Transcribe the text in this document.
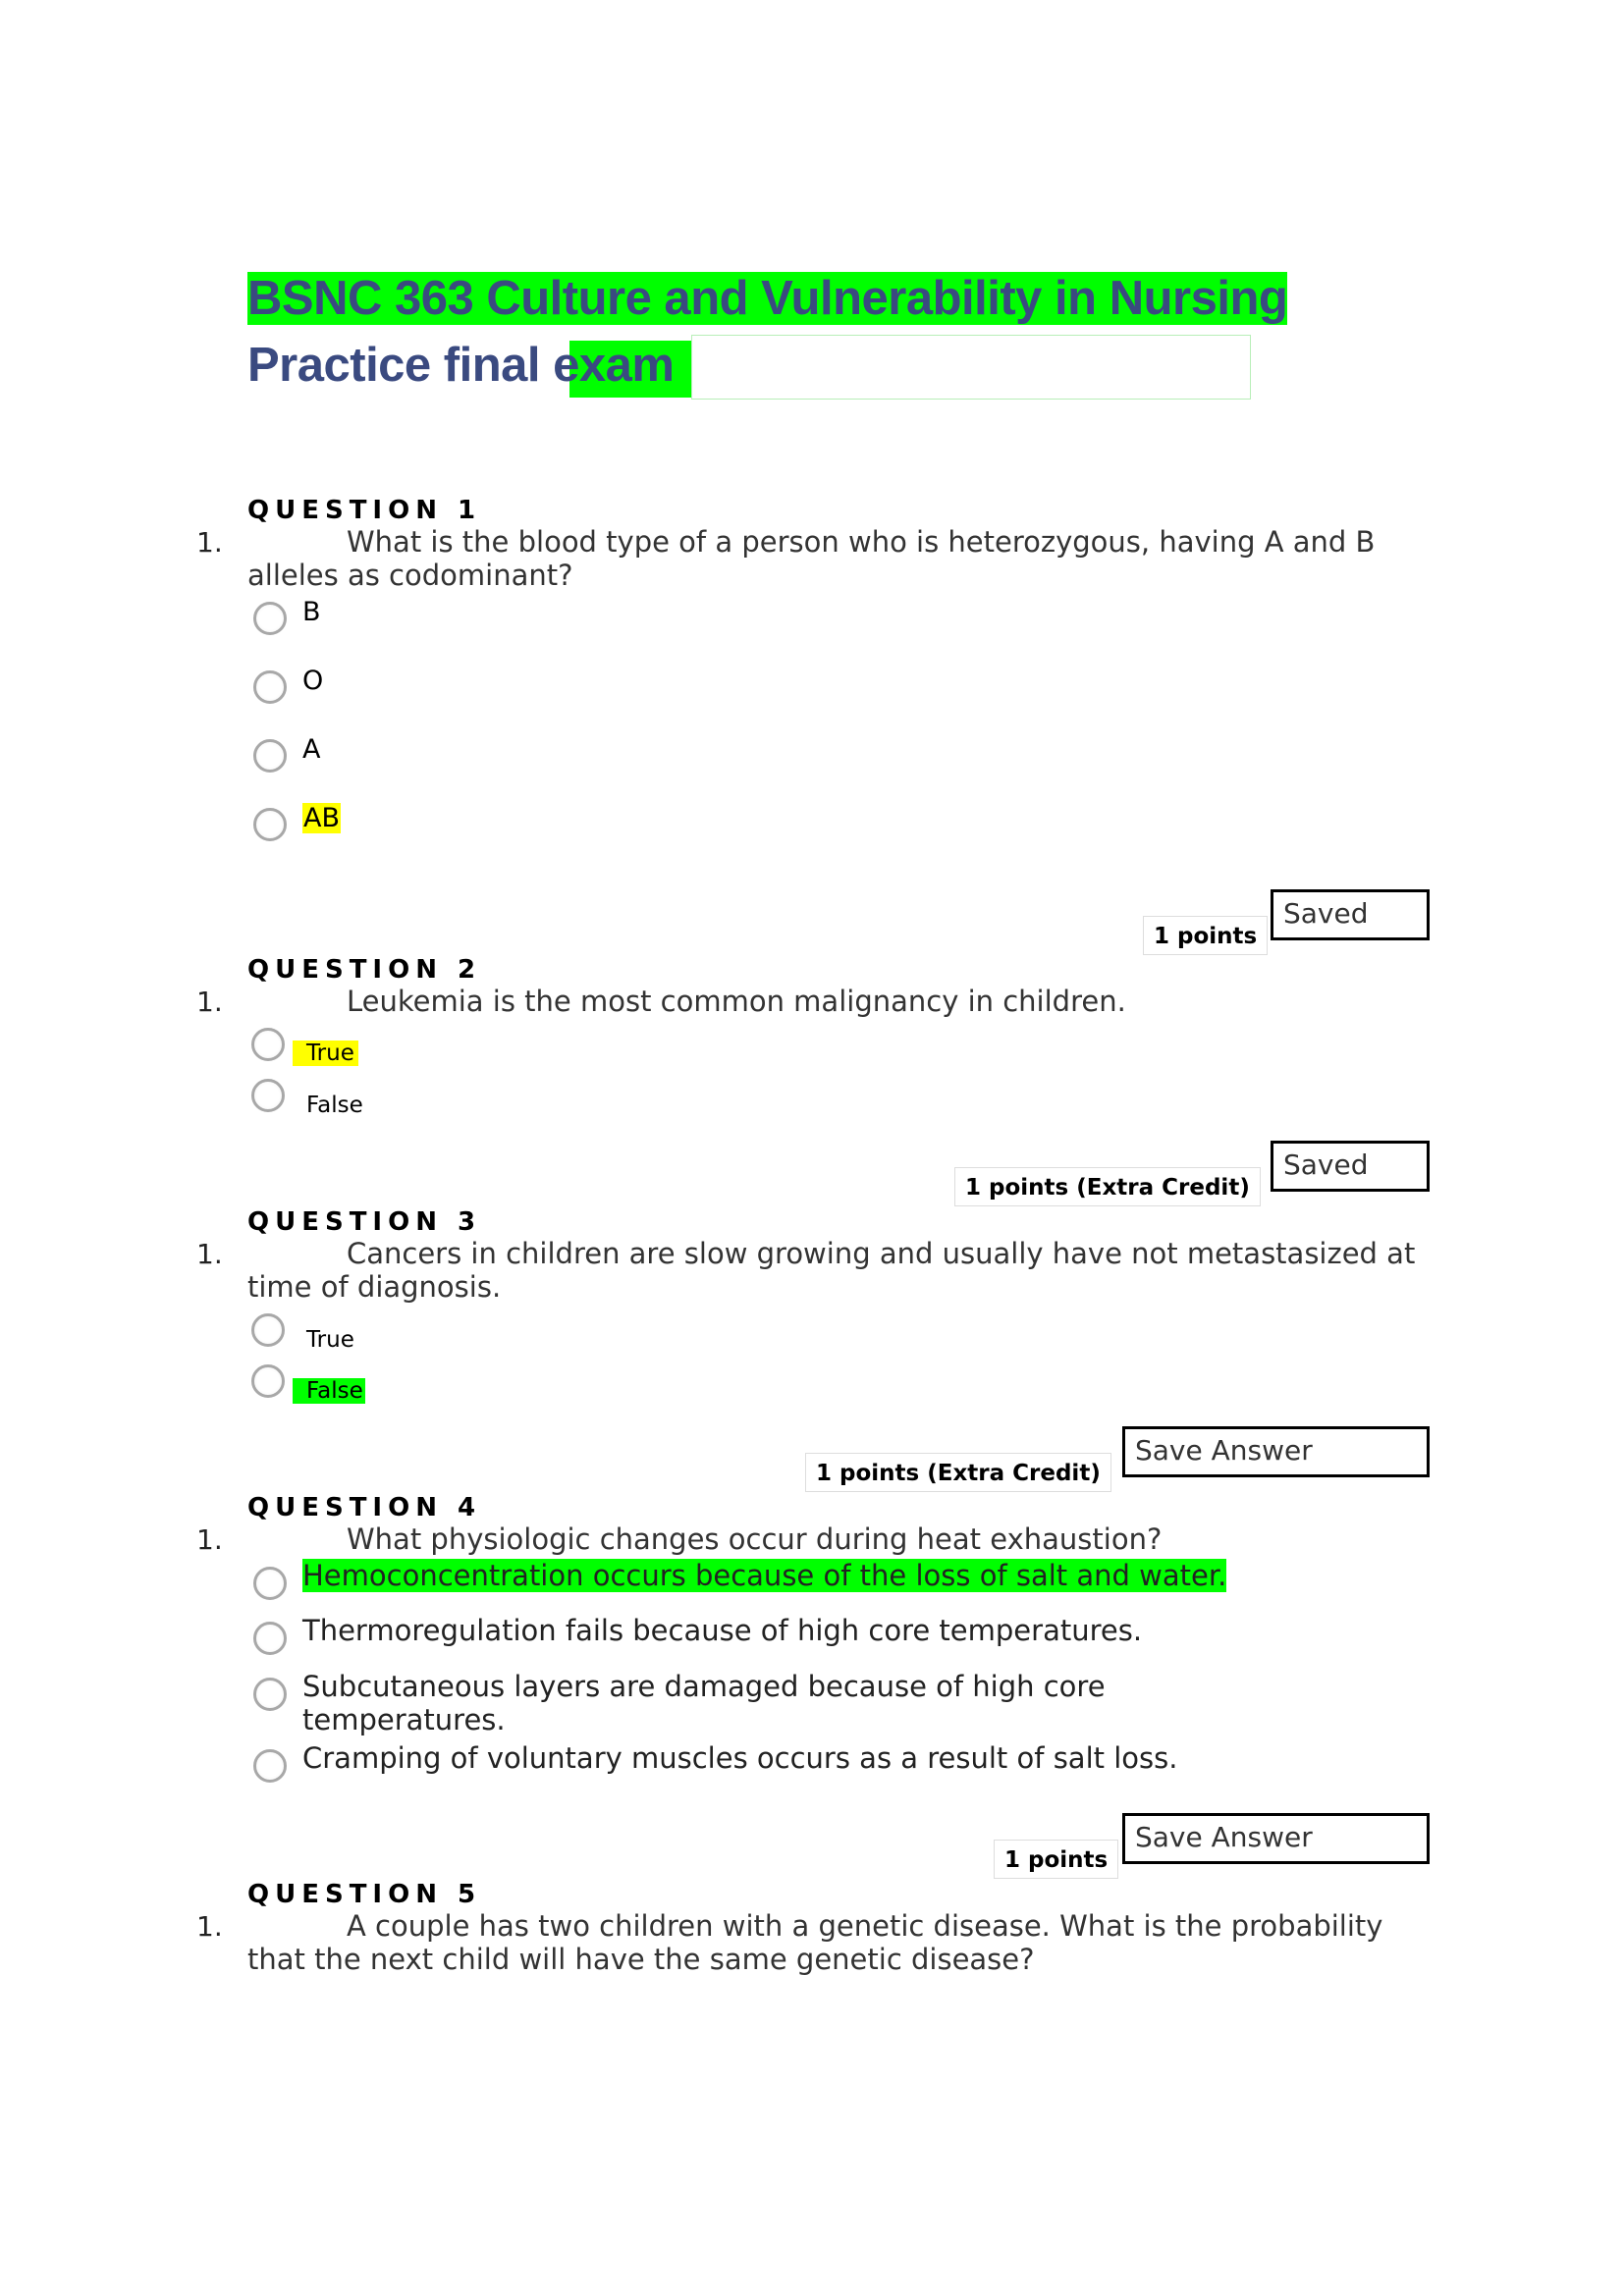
BSNC 363 Culture and Vulnerability in Nursing
Practice final exam
QUESTION 1
1.	What is the blood type of a person who is heterozygous, having A and B
alleles as codominant?
B
O
A
AB
1 points
Saved
QUESTION 2
1.	Leukemia is the most common malignancy in children.
True
False
1 points (Extra Credit)
Saved
QUESTION 3
1.	Cancers in children are slow growing and usually have not metastasized at
time of diagnosis.
True
False
1 points (Extra Credit)
Save Answer
QUESTION 4
1.	What physiologic changes occur during heat exhaustion?
Hemoconcentration occurs because of the loss of salt and water.
Thermoregulation fails because of high core temperatures.
Subcutaneous layers are damaged because of high core temperatures.
Cramping of voluntary muscles occurs as a result of salt loss.
1 points
Save Answer
QUESTION 5
1.	A couple has two children with a genetic disease. What is the probability
that the next child will have the same genetic disease?
